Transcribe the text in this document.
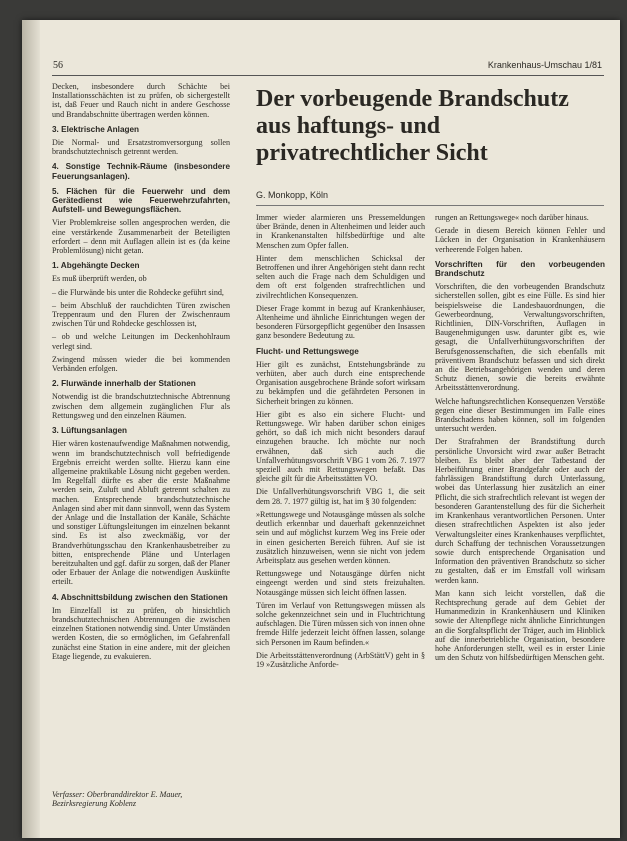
56	Krankenhaus-Umschau 1/81

Decken, insbesondere durch Schächte bei Installationsschächten ist zu prüfen, ob sichergestellt ist, daß Feuer und Rauch nicht in andere Geschosse und Brandabschnitte übertragen werden können.

3. Elektrische Anlagen

Die Normal- und Ersatzstromversorgung sollen brandschutztechnisch getrennt werden.

4. Sonstige Technik-Räume (insbesondere Feuerungsanlagen).
5. Flächen für die Feuerwehr und dem Gerätedienst wie Feuerwehrzufahrten, Aufstell- und Bewegungsflächen.

Vier Problemkreise sollen angesprochen werden, die eine verstärkende Zusammenarbeit der Beteiligten erfordert – denn mit Auflagen allein ist es (da keine Problemlösung) nicht getan.

1. Abgehängte Decken

Es muß überprüft werden, ob

– die Flurwände bis unter die Rohdecke geführt sind,

– beim Abschluß der rauchdichten Türen zwischen Treppenraum und den Fluren der Zwischenraum zwischen Tür und Rohdecke geschlossen ist,

– ob und welche Leitungen im Deckenhohlraum verlegt sind.

Zwingend müssen wieder die bei kommenden Verbänden erfolgen.

2. Flurwände innerhalb der Stationen

Notwendig ist die brandschutztechnische Abtrennung zwischen dem allgemein zugänglichen Flur als Rettungsweg und den einzelnen Räumen.

3. Lüftungsanlagen

Hier wären kostenaufwendige Maßnahmen notwendig, wenn im brandschutztechnisch voll befriedigende Ergebnis erreicht werden sollte. Hierzu kann eine allgemeine praktikable Lösung nicht gegeben werden. Im Regelfall dürfte es aber die erste Maßnahme werden sein, Zuluft und Abluft getrennt schalten zu machen. Entsprechende brandschutztechnische Anlagen sind aber mit dann sinnvoll, wenn das System der Anlage und die Installation der Kanäle, Schächte und sonstiger Lüftungsleitungen im einzelnen bekannt sind. Es ist also zweckmäßig, vor der Brandverhütungsschau den Krankenhausbetreiber zu bitten, entsprechende Pläne und Unterlagen bereitzuhalten und ggf. dafür zu sorgen, daß der Planer oder Erbauer der Anlage die notwendigen Auskünfte erteilt.

4. Abschnittsbildung zwischen den Stationen

Im Einzelfall ist zu prüfen, ob hinsichtlich brandschutztechnischen Abtrennungen die zwischen einzelnen Stationen notwendig sind. Unter Umständen werden Kosten, die so ermöglichen, im Gefahrenfall zunächst eine Station in eine andere, mit der gleichen Etage liegende, zu evakuieren.

Verfasser: Oberbranddirektor E. Mauer, Bezirksregierung Koblenz
Der vorbeugende Brandschutz
aus haftungs- und
privatrechtlicher Sicht
G. Monkopp, Köln

Immer wieder alarmieren uns Pressemeldungen über Brände, denen in Altenheimen und leider auch in Krankenanstalten hilfsbedürftige und alte Menschen zum Opfer fallen.

Hinter dem menschlichen Schicksal der Betroffenen und ihrer Angehörigen steht dann recht selten auch die Frage nach dem Schuldigen und dem oft erst folgenden strafrechtlichen und zivilrechtlichen Konsequenzen.

Dieser Frage kommt in bezug auf Krankenhäuser, Altenheime und ähnliche Einrichtungen wegen der besonderen Fürsorgepflicht gegenüber den Insassen ganz besondere Bedeutung zu.

Flucht- und Rettungswege

Hier gilt es zunächst, Entstehungsbrände zu verhüten, aber auch durch eine entsprechende Organisation ausgebrochene Brände sofort wirksam zu bekämpfen und die gefährdeten Personen in Sicherheit bringen zu können.

Hier gibt es also ein sichere Flucht- und Rettungswege. Wir haben darüber schon einiges gehört, so daß ich mich nicht besonders darauf einzugehen brauche. Ich möchte nur noch erwähnen, daß sich auch die Unfallverhütungsvorschrift VBG 1 vom 26. 7. 1977 speziell auch mit Rettungswegen befaßt. Das gleiche gilt für die Arbeitsstätten VO.

Die Unfallverhütungsvorschrift VBG 1, die seit dem 28. 7. 1977 gültig ist, hat im § 30 folgenden:

»Rettungswege und Notausgänge müssen als solche deutlich erkennbar und dauerhaft gekennzeichnet sein und auf möglichst kurzem Weg ins Freie oder in einen gesicherten Bereich führen. Auf sie ist zusätzlich hinzuweisen, wenn sie nicht von jedem Arbeitsplatz aus gesehen werden können.

Rettungswege und Notausgänge dürfen nicht eingeengt werden und sind stets freizuhalten. Notausgänge müssen sich leicht öffnen lassen.

Türen im Verlauf von Rettungswegen müssen als solche gekennzeichnet sein und in Fluchtrichtung aufschlagen. Die Türen müssen sich von innen ohne fremde Hilfe jederzeit leicht öffnen lassen, solange sich Personen im Raum befinden.«

Die Arbeitsstättenverordnung (ArbStättV) geht in § 19 »Zusätzliche Anforde-

rungen an Rettungswege« noch darüber hinaus.

Gerade in diesem Bereich können Fehler und Lücken in der Organisation in Krankenhäusern verheerende Folgen haben.

Vorschriften für den vorbeugenden Brandschutz

Vorschriften, die den vorbeugenden Brandschutz sicherstellen sollen, gibt es eine Fülle. Es sind hier beispielsweise die Landesbauordnungen, die Gewerbeordnung, Verwaltungsvorschriften, Richtlinien, DIN-Vorschriften, Auflagen in Baugenehmigungen usw. darunter gibt es, wie gesagt, die Unfallverhütungsvorschriften der Berufsgenossenschaften, die sich ebenfalls mit präventivem Brandschutz befassen und sich direkt an die Betriebsangehörigen wenden und deren Schutz dienen, sowie die bereits erwähnte Arbeitsstättenverordnung.

Welche haftungsrechtlichen Konsequenzen Verstöße gegen eine dieser Bestimmungen im Falle eines Brandschadens haben können, soll im folgenden untersucht werden.

Der Strafrahmen der Brandstiftung durch persönliche Unvorsicht wird zwar außer Betracht bleiben. Es bleibt aber der Tatbestand der Herbeiführung einer Brandgefahr oder auch der fahrlässigen Brandstiftung durch Unterlassung, wobei das Unterlassung hier zusätzlich an einer Pflicht, die sich strafrechtlich relevant ist wegen der besonderen Garantenstellung des für die Sicherheit im Krankenhaus verantwortlichen Personen. Unter diesen strafrechtlichen Aspekten ist also jeder Verwaltungsleiter eines Krankenhauses verpflichtet, durch Schaffung der technischen Voraussetzungen sowie durch entsprechende Organisation und Information den präventiven Brandschutz so sicher zu gestalten, daß er im Ernstfall voll wirksam werden kann.

Man kann sich leicht vorstellen, daß die Rechtsprechung gerade auf dem Gebiet der Humanmedizin in Krankenhäusern und Kliniken sowie der Altenpflege nicht ähnliche Einrichtungen an die Sorgfaltspflicht der Träger, auch im Hinblick auf die innerbetriebliche Organisation, besondere hohe Anforderungen stellt, weil es in erster Linie um den Schutz von hilfsbedürftigen Menschen geht.
